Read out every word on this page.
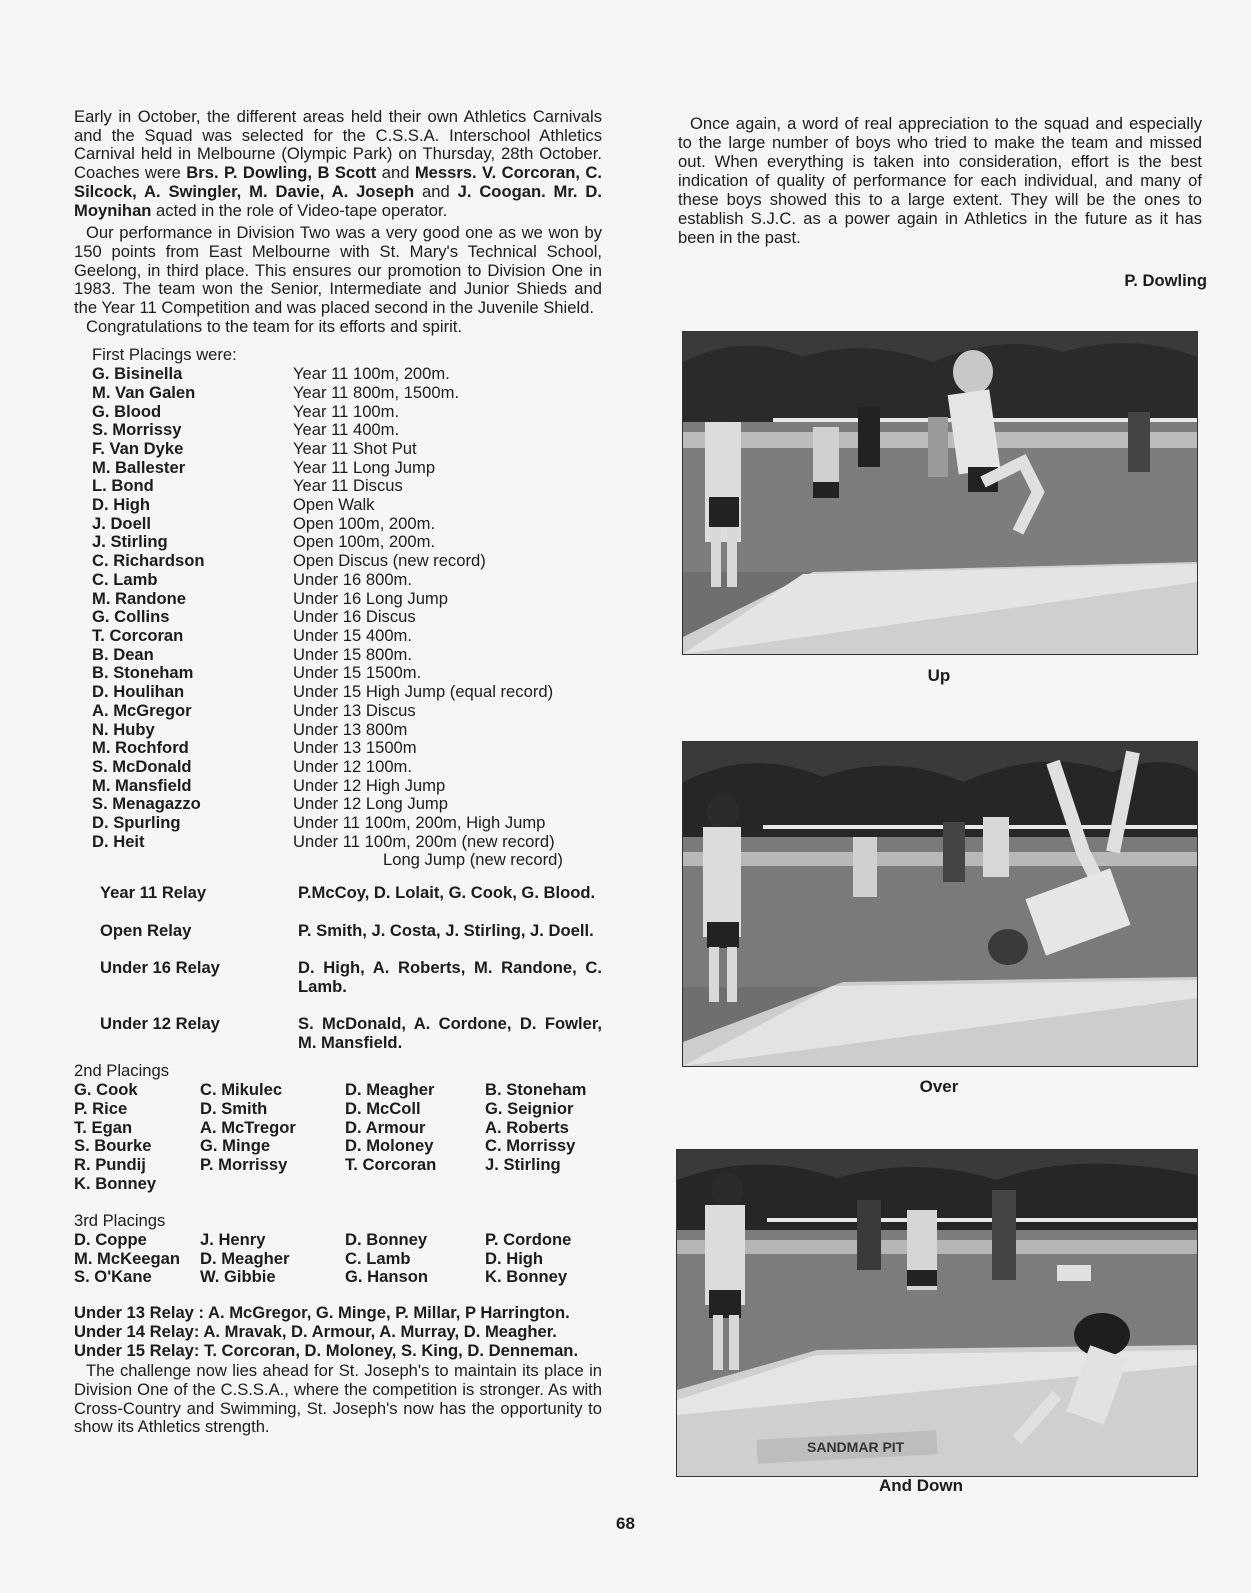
Early in October, the different areas held their own Athletics Carnivals and the Squad was selected for the C.S.S.A. Interschool Athletics Carnival held in Melbourne (Olympic Park) on Thursday, 28th October. Coaches were Brs. P. Dowling, B Scott and Messrs. V. Corcoran, C. Silcock, A. Swingler, M. Davie, A. Joseph and J. Coogan. Mr. D. Moynihan acted in the role of Video-tape operator.

Our performance in Division Two was a very good one as we won by 150 points from East Melbourne with St. Mary's Technical School, Geelong, in third place. This ensures our promotion to Division One in 1983. The team won the Senior, Intermediate and Junior Shieds and the Year 11 Competition and was placed second in the Juvenile Shield.

Congratulations to the team for its efforts and spirit.

First Placings were:
G. Bisinella	Year 11 100m, 200m.
M. Van Galen	Year 11 800m, 1500m.
G. Blood	Year 11 100m.
S. Morrissy	Year 11 400m.
F. Van Dyke	Year 11 Shot Put
M. Ballester	Year 11 Long Jump
L. Bond	Year 11 Discus
D. High	Open Walk
J. Doell	Open 100m, 200m.
J. Stirling	Open 100m, 200m.
C. Richardson	Open Discus (new record)
C. Lamb	Under 16 800m.
M. Randone	Under 16 Long Jump
G. Collins	Under 16 Discus
T. Corcoran	Under 15 400m.
B. Dean	Under 15 800m.
B. Stoneham	Under 15 1500m.
D. Houlihan	Under 15 High Jump (equal record)
A. McGregor	Under 13 Discus
N. Huby	Under 13 800m
M. Rochford	Under 13 1500m
S. McDonald	Under 12 100m.
M. Mansfield	Under 12 High Jump
S. Menagazzo	Under 12 Long Jump
D. Spurling	Under 11 100m, 200m, High Jump
D. Heit	Under 11 100m, 200m (new record)
Long Jump (new record)
Year 11 Relay	P.McCoy, D. Lolait, G. Cook, G. Blood.
Open Relay	P. Smith, J. Costa, J. Stirling, J. Doell.
Under 16 Relay	D. High, A. Roberts, M. Randone, C. Lamb.
Under 12 Relay	S. McDonald, A. Cordone, D. Fowler, M. Mansfield.
2nd Placings
G. Cook	C. Mikulec	D. Meagher	B. Stoneham
P. Rice	D. Smith	D. McColl	G. Seignior
T. Egan	A. McTregor	D. Armour	A. Roberts
S. Bourke	G. Minge	D. Moloney	C. Morrissy
R. Pundij	P. Morrissy	T. Corcoran	J. Stirling
K. Bonney
3rd Placings
D. Coppe	J. Henry	D. Bonney	P. Cordone
M. McKeegan	D. Meagher	C. Lamb	D. High
S. O'Kane	W. Gibbie	G. Hanson	K. Bonney

Under 13 Relay : A. McGregor, G. Minge, P. Millar, P Harrington.

Under 14 Relay: A. Mravak, D. Armour, A. Murray, D. Meagher.

Under 15 Relay: T. Corcoran, D. Moloney, S. King, D. Denneman.

The challenge now lies ahead for St. Joseph's to maintain its place in Division One of the C.S.S.A., where the competition is stronger. As with Cross-Country and Swimming, St. Joseph's now has the opportunity to show its Athletics strength.

Once again, a word of real appreciation to the squad and especially to the large number of boys who tried to make the team and missed out. When everything is taken into consideration, effort is the best indication of quality of performance for each individual, and many of these boys showed this to a large extent. They will be the ones to establish S.J.C. as a power again in Athletics in the future as it has been in the past.

P. Dowling
Up
Over
SANDMAR PIT
And Down
68
